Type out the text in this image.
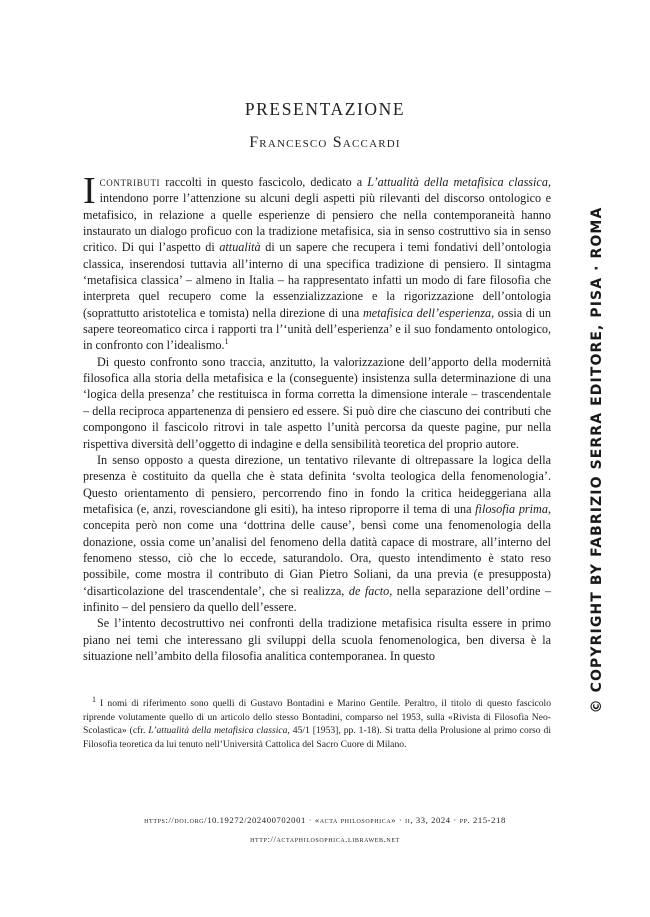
PRESENTAZIONE
Francesco Saccardi

Icontributi raccolti in questo fascicolo, dedicato a L’attualità della metafisica classica, intendono porre l’attenzione su alcuni degli aspetti più rilevanti del discorso ontologico e metafisico, in relazione a quelle esperienze di pensiero che nella contemporaneità hanno instaurato un dialogo proficuo con la tradizione metafisica, sia in senso costruttivo sia in senso critico. Di qui l’aspetto di attualità di un sapere che recupera i temi fondativi dell’ontologia classica, inserendosi tuttavia all’interno di una specifica tradizione di pensiero. Il sintagma ‘metafisica classica’ – almeno in Italia – ha rappresentato infatti un modo di fare filosofia che interpreta quel recupero come la essenzializzazione e la rigorizzazione dell’ontologia (soprattutto aristotelica e tomista) nella direzione di una metafisica dell’esperienza, ossia di un sapere teoreomatico circa i rapporti tra l’‘unità dell’esperienza’ e il suo fondamento ontologico, in confronto con l’idealismo.$^1$

Di questo confronto sono traccia, anzitutto, la valorizzazione dell’apporto della modernità filosofica alla storia della metafisica e la (conseguente) insistenza sulla determinazione di una ‘logica della presenza’ che restituisca in forma corretta la dimensione interale – trascendentale – della reciproca appartenenza di pensiero ed essere. Si può dire che ciascuno dei contributi che compongono il fascicolo ritrovi in tale aspetto l’unità percorsa da queste pagine, pur nella rispettiva diversità dell’oggetto di indagine e della sensibilità teoretica del proprio autore.

In senso opposto a questa direzione, un tentativo rilevante di oltrepassare la logica della presenza è costituito da quella che è stata definita ‘svolta teologica della fenomenologia’. Questo orientamento di pensiero, percorrendo fino in fondo la critica heideggeriana alla metafisica (e, anzi, rovesciandone gli esiti), ha inteso riproporre il tema di una filosofia prima, concepita però non come una ‘dottrina delle cause’, bensì come una fenomenologia della donazione, ossia come un’analisi del fenomeno della datità capace di mostrare, all’interno del fenomeno stesso, ciò che lo eccede, saturandolo. Ora, questo intendimento è stato reso possibile, come mostra il contributo di Gian Pietro Soliani, da una previa (e presupposta) ‘disarticolazione del trascendentale’, che si realizza, de facto, nella separazione dell’ordine – infinito – del pensiero da quello dell’essere.

Se l’intento decostruttivo nei confronti della tradizione metafisica risulta essere in primo piano nei temi che interessano gli sviluppi della scuola fenomenologica, ben diversa è la situazione nell’ambito della filosofia analitica contemporanea. In questo

$^1$ I nomi di riferimento sono quelli di Gustavo Bontadini e Marino Gentile. Peraltro, il titolo di questo fascicolo riprende volutamente quello di un articolo dello stesso Bontadini, comparso nel 1953, sulla «Rivista di Filosofia Neo-Scolastica» (cfr. L’attualità della metafisica classica, 45/1 [1953], pp. 1-18). Si tratta della Prolusione al primo corso di Filosofia teoretica da lui tenuto nell’Università Cattolica del Sacro Cuore di Milano.

https://doi.org/10.19272/202400702001 · «acta philosophica» · ii, 33, 2024 · pp. 215-218
http://actaphilosophica.libraweb.net
© COPYRIGHT BY FABRIZIO SERRA EDITORE, PISA · ROMA
